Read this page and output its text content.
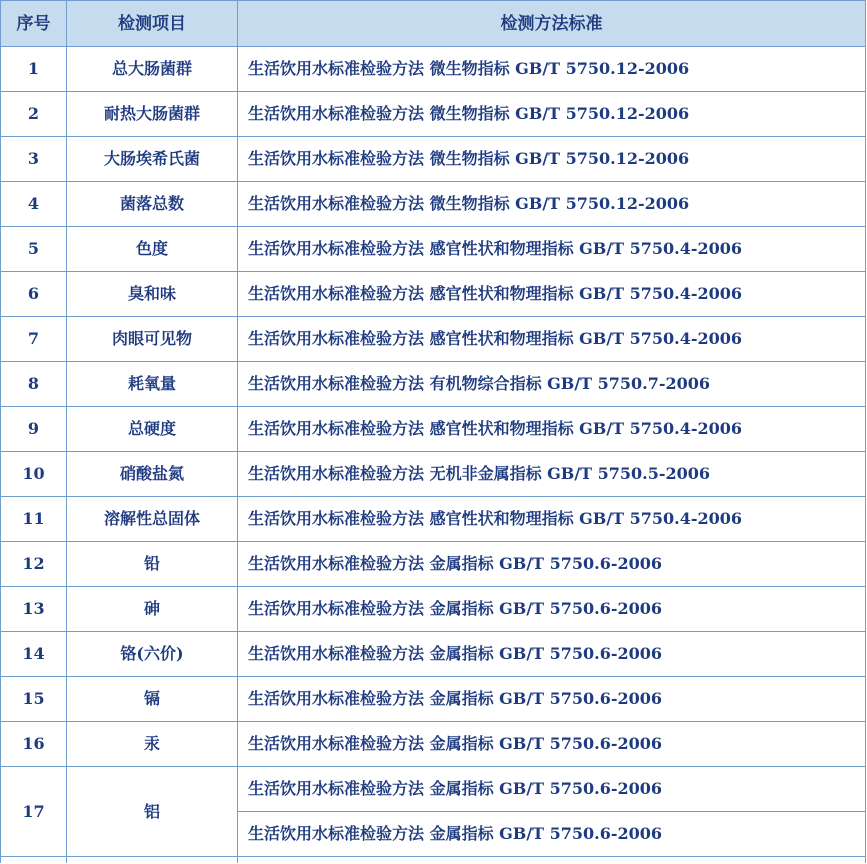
序号	检测项目	检测方法标准
1	总大肠菌群	生活饮用水标准检验方法 微生物指标 GB/T 5750.12-2006
2	耐热大肠菌群	生活饮用水标准检验方法 微生物指标 GB/T 5750.12-2006
3	大肠埃希氏菌	生活饮用水标准检验方法 微生物指标 GB/T 5750.12-2006
4	菌落总数	生活饮用水标准检验方法 微生物指标 GB/T 5750.12-2006
5	色度	生活饮用水标准检验方法 感官性状和物理指标 GB/T 5750.4-2006
6	臭和味	生活饮用水标准检验方法 感官性状和物理指标 GB/T 5750.4-2006
7	肉眼可见物	生活饮用水标准检验方法 感官性状和物理指标 GB/T 5750.4-2006
8	耗氧量	生活饮用水标准检验方法 有机物综合指标 GB/T 5750.7-2006
9	总硬度	生活饮用水标准检验方法 感官性状和物理指标 GB/T 5750.4-2006
10	硝酸盐氮	生活饮用水标准检验方法 无机非金属指标 GB/T 5750.5-2006
11	溶解性总固体	生活饮用水标准检验方法 感官性状和物理指标 GB/T 5750.4-2006
12	铅	生活饮用水标准检验方法 金属指标 GB/T 5750.6-2006
13	砷	生活饮用水标准检验方法 金属指标 GB/T 5750.6-2006
14	铬(六价)	生活饮用水标准检验方法 金属指标 GB/T 5750.6-2006
15	镉	生活饮用水标准检验方法 金属指标 GB/T 5750.6-2006
16	汞	生活饮用水标准检验方法 金属指标 GB/T 5750.6-2006
17	铝	生活饮用水标准检验方法 金属指标 GB/T 5750.6-2006
		生活饮用水标准检验方法 金属指标 GB/T 5750.6-2006
